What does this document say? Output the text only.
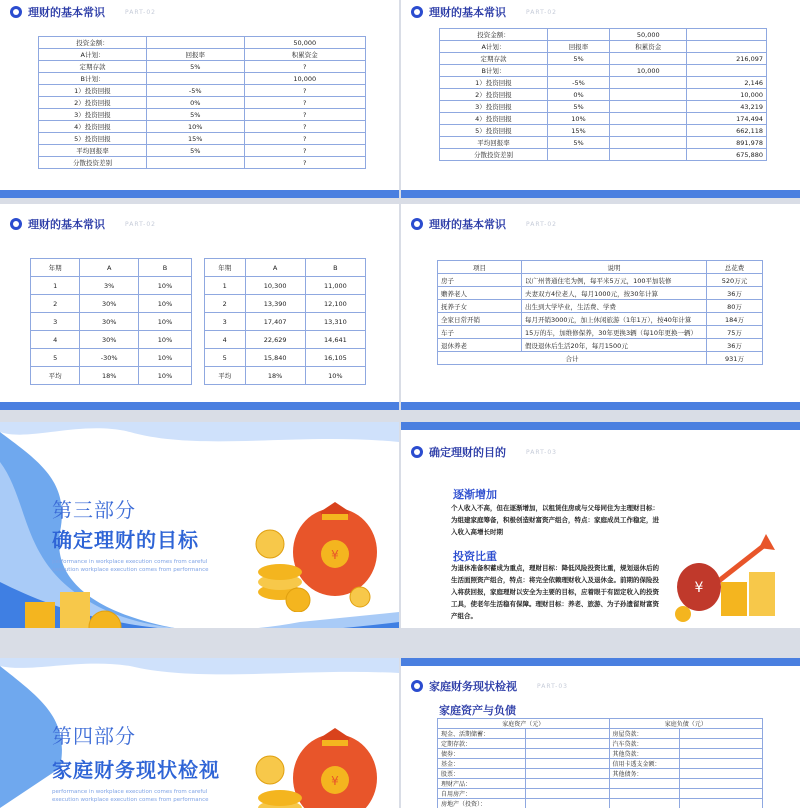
理财的基本常识	PART-02
投资金额：		50,000
A计划：	回报率	积累资金
定期存款	5%	?
B计划：		10,000
1）投资回报	-5%	?
2）投资回报	0%	?
3）投资回报	5%	?
4）投资回报	10%	?
5）投资回报	15%	?
平均回报率	5%	?
分散投资差别		?
理财的基本常识	PART-02
投资金额：		50,000	
A计划：	回报率	积累资金	
定期存款	5%		216,097
B计划：		10,000	
1）投资回报	-5%		2,146
2）投资回报	0%		10,000
3）投资回报	5%		43,219
4）投资回报	10%		174,494
5）投资回报	15%		662,118
平均回报率	5%		891,978
分散投资差别			675,880
理财的基本常识	PART-02
年期	A	B
1	3%	10%
2	30%	10%
3	30%	10%
4	30%	10%
5	-30%	10%
平均	18%	10%
年期	A	B
1	10,300	11,000
2	13,390	12,100
3	17,407	13,310
4	22,629	14,641
5	15,840	16,105
平均	18%	10%
理财的基本常识	PART-02
项目	说明	总花费
房子	以广州普通住宅为例，每平米5万元，100平加装修	520万元
赡养老人	夫妻双方4位老人，每月1000元，按30年计算	36万
抚养子女	出生到大学毕业，生活费、学费	80万
全家日常开销	每月开销3000元，加上休闲旅游（1年1万），按40年计算	184万
车子	15万的车，加维修保养，30年更换3辆（每10年更换一辆）	75万
退休养老	假设退休后生活20年，每月1500元	36万
合计		931万
第三部分
确定理财的目标
performance in workplace execution comes from careful execution workplace execution comes from performance
¥
确定理财的目的	PART-03
逐渐增加
个人收入不高，但在逐渐增加，以租赁住房或与父母同住为主理财目标：为组建家庭筹备，积极创造财富资产组合，特点：家庭成员工作稳定，进入收入高增长时期
投资比重
为退休准备积蓄成为重点，理财目标：降低风险投资比重，规划退休后的生活面照资产组合，特点：将完全依赖理财收入及退休金。前期的保险投入将获回报，家庭理财以安全为主要的目标，应着眼于有固定收入的投资工具，使老年生活稳有保障。理财目标：养老、旅游、为子孙遗留财富资产组合。
¥
第四部分
家庭财务现状检视
performance in workplace execution comes from careful execution workplace execution comes from performance
¥
家庭财务现状检视	PART-03
家庭资产与负债
家庭资产（元）		家庭负债（元）	
现金、活期储蓄：		房屋贷款：	
定期存款：		汽车贷款：	
债券：		其他贷款：	
基金：		信用卡透支金额：	
股票：		其他债务：	
理财产品：			
自用房产：			
房地产（投资）：			
